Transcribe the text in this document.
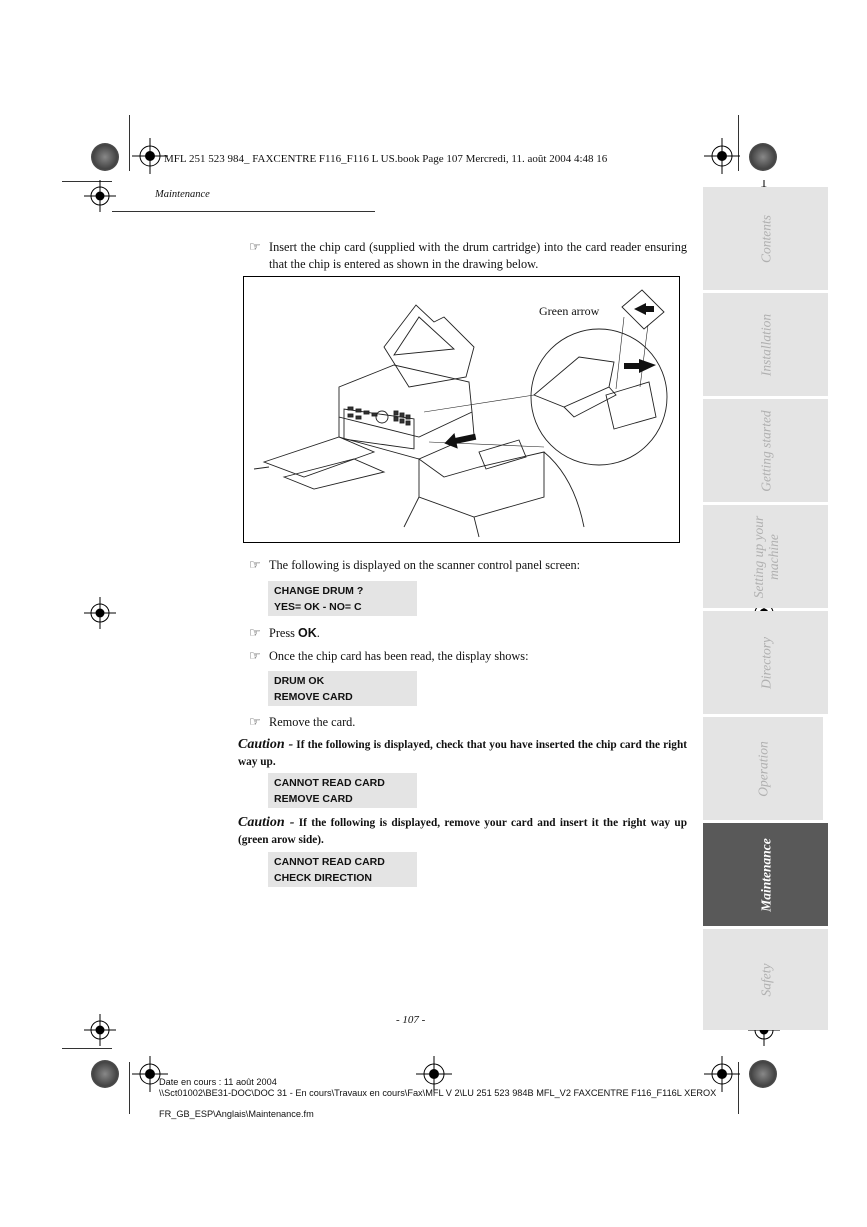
MFL 251 523 984_ FAXCENTRE F116_F116 L US.book Page 107 Mercredi, 11. août 2004 4:48 16
Maintenance
☞ Insert the chip card (supplied with the drum cartridge) into the card reader ensuring that the chip is entered as shown in the drawing below.
Green arrow
☞ The following is displayed on the scanner control panel screen:
CHANGE DRUM ?
YES= OK - NO= C
☞ Press OK.
☞ Once the chip card has been read, the display shows:
DRUM OK
REMOVE CARD
☞ Remove the card.
Caution - If the following is displayed, check that you have inserted the chip card the right way up.
CANNOT READ CARD
REMOVE CARD
Caution - If the following is displayed, remove your card and insert it the right way up (green arow side).
CANNOT READ CARD
CHECK DIRECTION
- 107 -
Contents
Installation
Getting started
Setting up your machine
Directory
Operation
Maintenance
Safety
Date en cours : 11 août 2004
\\Sct01002\BE31-DOC\DOC 31 - En cours\Travaux en cours\Fax\MFL V 2\LU 251 523 984B MFL_V2 FAXCENTRE F116_F116L XEROX
FR_GB_ESP\Anglais\Maintenance.fm
